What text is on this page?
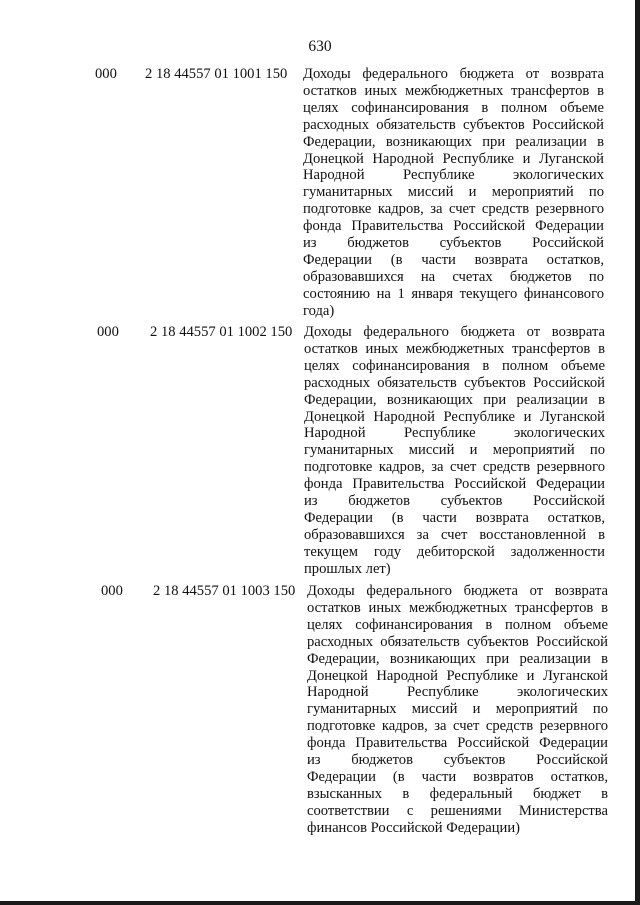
630
000 2 18 44557 01 1001 150 Доходы федерального бюджета от возврата
остатков иных межбюджетных трансфертов в
целях софинансирования в полном объеме
расходных обязательств субъектов Российской
Федерации, возникающих при реализации в
Донецкой Народной Республике и Луганской
Народной Республике экологических
гуманитарных миссий и мероприятий по
подготовке кадров, за счет средств резервного
фонда Правительства Российской Федерации
из бюджетов субъектов Российской
Федерации (в части возврата остатков,
образовавшихся на счетах бюджетов по
состоянию на 1 января текущего финансового
года)
000 2 18 44557 01 1002 150 Доходы федерального бюджета от возврата
остатков иных межбюджетных трансфертов в
целях софинансирования в полном объеме
расходных обязательств субъектов Российской
Федерации, возникающих при реализации в
Донецкой Народной Республике и Луганской
Народной Республике экологических
гуманитарных миссий и мероприятий по
подготовке кадров, за счет средств резервного
фонда Правительства Российской Федерации
из бюджетов субъектов Российской
Федерации (в части возврата остатков,
образовавшихся за счет восстановленной в
текущем году дебиторской задолженности
прошлых лет)
000 2 18 44557 01 1003 150 Доходы федерального бюджета от возврата
остатков иных межбюджетных трансфертов в
целях софинансирования в полном объеме
расходных обязательств субъектов Российской
Федерации, возникающих при реализации в
Донецкой Народной Республике и Луганской
Народной Республике экологических
гуманитарных миссий и мероприятий по
подготовке кадров, за счет средств резервного
фонда Правительства Российской Федерации
из бюджетов субъектов Российской
Федерации (в части возвратов остатков,
взысканных в федеральный бюджет в
соответствии с решениями Министерства
финансов Российской Федерации)
